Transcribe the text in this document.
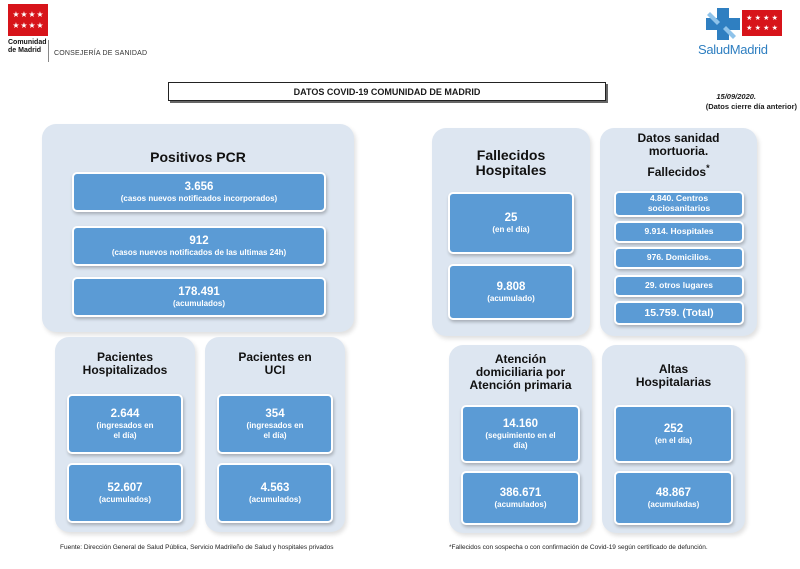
★ ★ ★ ★
★ ★ ★ ★
Comunidad
de Madrid	CONSEJERÍA DE SANIDAD
★ ★ ★ ★
★ ★ ★ ★
SaludMadrid
DATOS COVID-19 COMUNIDAD DE MADRID	15/09/2020.
(Datos cierre día anterior)
Positivos PCR
3.656
(casos nuevos notificados incorporados)
912
(casos nuevos notificados de las ultimas 24h)
178.491
(acumulados)
Pacientes
Hospitalizados
2.644
(ingresados en
el día)
52.607
(acumulados)
Pacientes en
UCI
354
(ingresados en
el día)
4.563
(acumulados)
Fallecidos
Hospitales
25
(en el día)
9.808
(acumulado)
Datos sanidad
mortuoria.
Fallecidos*
4.840. Centros
sociosanitarios
9.914. Hospitales
976. Domicilios.
29. otros lugares
15.759. (Total)
Atención
domiciliaria por
Atención primaria
14.160
(seguimiento en el
día)
386.671
(acumulados)
Altas
Hospitalarias
252
(en el día)
48.867
(acumuladas)
Fuente: Dirección General de Salud Pública, Servicio Madrileño de Salud y hospitales privados	*Fallecidos con sospecha o con confirmación de Covid-19 según certificado de defunción.
